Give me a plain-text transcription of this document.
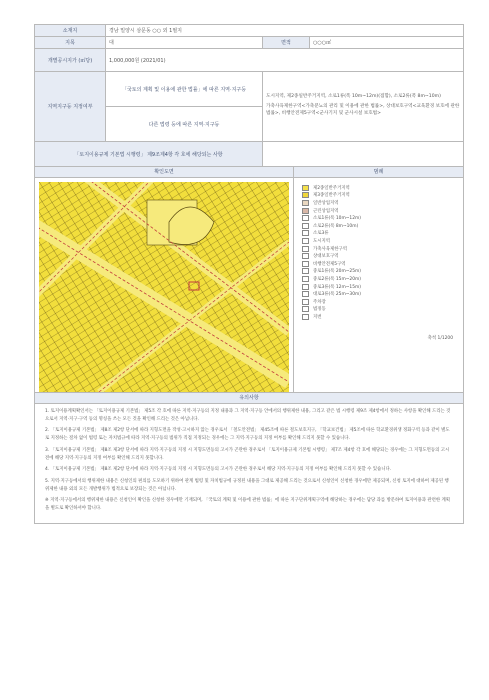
소재지	경남 밀양시 삼문동 ○○ 외 1필지		
지목	대	면적	○○○㎡
개별공시지가 (㎡당)	1,000,000원 (2021/01)		
지역지구등 지정여부	「국토의 계획 및 이용에 관한 법률」에 따른 지역·지구등	도시지역, 제2종일반주거지역, 소로1류(폭 10m~12m)(접함), 소로2류(폭 8m~10m)

가축사육제한구역<가축분뇨의 관리 및 이용에 관한 법률>, 상대보호구역<교육환경 보호에 관한 법률>, 비행안전제5구역<군사기지 및 군사시설 보호법>	

	다른 법령 등에 따른 지역·지구등		
「토지이용규제 기본법 시행령」 제9조제4항 각 호에 해당되는 사항			
확인도면	범례
제2종일반주거지역
제3종일반주거지역
일반상업지역
근린상업지역
소로1류(폭 10m~12m)
소로2류(폭 8m~10m)
소로3류
도시지역
가축사육제한구역
상대보호구역
비행안전제5구역
중로1류(폭 20m~25m)
중로2류(폭 15m~20m)
중로3류(폭 12m~15m)
대로3류(폭 25m~30m)
주차장
법정동
지번
축척 1/1200
유의사항

1. 토지이용계획확인서는 「토지이용규제 기본법」 제5조 각 호에 따른 지역·지구등의 지정 내용과 그 지역·지구등 안에서의 행위제한 내용, 그리고 같은 법 시행령 제9조 제4항에서 정하는 사항을 확인해 드리는 것으로서 지역·지구·구역 등의 명칭을 쓰는 모든 것을 확인해 드리는 것은 아닙니다.

2. 「토지이용규제 기본법」 제8조 제2항 단서에 따라 지형도면을 작성·고시하지 않는 경우로서 「철도안전법」 제45조에 따른 철도보호지구, 「학교보건법」 제5조에 따른 학교환경위생 정화구역 등과 같이 별도로 지정하는 절차 없이 법령 또는 자치법규에 따라 지역·지구등의 범위가 직접 지정되는 경우에는 그 지역·지구등의 지정 여부를 확인해 드리지 못할 수 있습니다.

3. 「토지이용규제 기본법」 제8조 제3항 단서에 따라 지역·지구등의 지정 시 지형도면등의 고시가 곤란한 경우로서 「토지이용규제 기본법 시행령」 제7조 제4항 각 호에 해당되는 경우에는 그 지형도면등의 고시 전에 해당 지역·지구등의 지정 여부를 확인해 드리지 못합니다.

4. 「토지이용규제 기본법」 제8조 제2항 단서에 따라 지역·지구등의 지정 시 지형도면등의 고시가 곤란한 경우로서 해당 지역·지구등의 지정 여부를 확인해 드리지 못할 수 있습니다.

5. 지역·지구등에서의 행위제한 내용은 신청인의 편의를 도모하기 위하여 관계 법령 및 자치법규에 규정된 내용을 그대로 제공해 드리는 것으로서 신청인이 신청한 경우에만 제공되며, 신청 토지에 대하여 제공된 행위제한 내용 외의 모든 개발행위가 법적으로 보장되는 것은 아닙니다.

※ 지역·지구등에서의 행위제한 내용은 신청인이 확인을 신청한 경우에만 기재되며, 「국토의 계획 및 이용에 관한 법률」에 따른 지구단위계획구역에 해당하는 경우에는 담당 과를 방문하여 토지이용과 관련한 계획을 별도로 확인하셔야 합니다.
